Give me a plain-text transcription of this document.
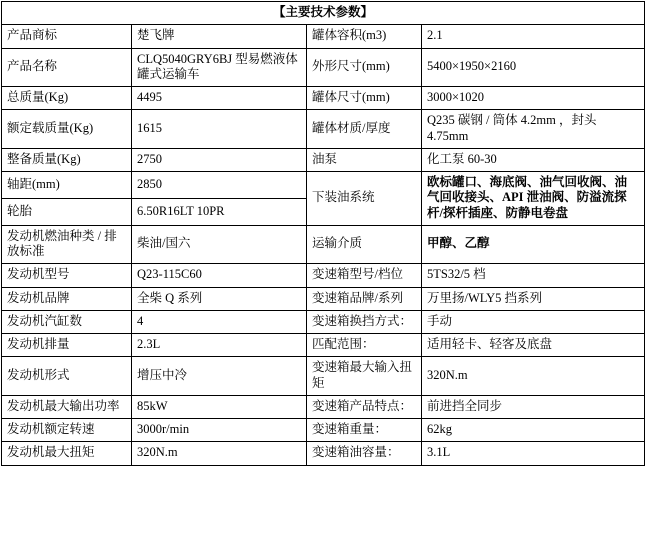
【主要技术参数】			
产品商标	楚飞牌	罐体容积(m3)	2.1
产品名称	CLQ5040GRY6BJ 型易燃液体罐式运输车	外形尺寸(mm)	5400×1950×2160
总质量(Kg)	4495	罐体尺寸(mm)	3000×1020
额定载质量(Kg)	1615	罐体材质/厚度	Q235 碳钢 / 筒体 4.2mm ，封头 4.75mm
整备质量(Kg)	2750	油泵	化工泵 60-30
轴距(mm)	2850	下装油系统	欧标罐口、海底阀、油气回收阀、油气回收接头、API 泄油阀、防溢流探杆/探杆插座、防静电卷盘
轮胎	6.50R16LT 10PR		
发动机燃油种类 / 排放标准	柴油/国六	运输介质	甲醇、乙醇
发动机型号	Q23-115C60	变速箱型号/档位	5TS32/5 档
发动机品牌	全柴 Q 系列	变速箱品牌/系列	万里扬/WLY5 挡系列
发动机汽缸数	4	变速箱换挡方式：	手动
发动机排量	2.3L	匹配范围：	适用轻卡、轻客及底盘
发动机形式	增压中冷	变速箱最大输入扭矩	320N.m
发动机最大输出功率	85kW	变速箱产品特点：	前进挡全同步
发动机额定转速	3000r/min	变速箱重量：	62kg
发动机最大扭矩	320N.m	变速箱油容量：	3.1L
